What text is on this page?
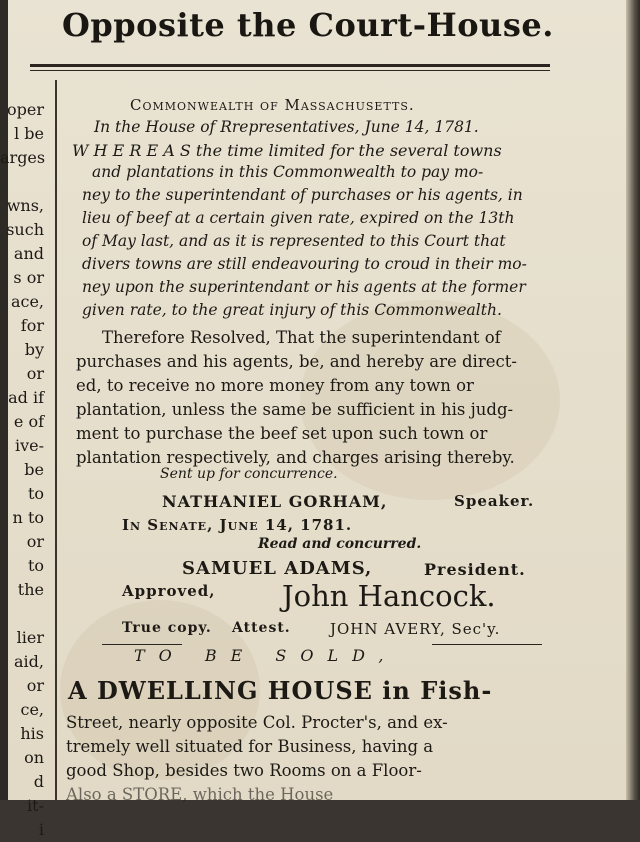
Opposite the Court-House.
oper
l be
arges
wns,
such
and
s or
ace,
for
by
or
ad if
e of
ive-
be
to
n to
or
to
the
lier
aid,
or
ce,
his
on
d
it-
i
Commonwealth of Massachusetts.
In the House of Rrepresentatives, June 14, 1781.
W H E R E A S the time limited for the several towns
and plantations in this Commonwealth to pay mo-
ney to the superintendant of purchases or his agents, in
lieu of beef at a certain given rate, expired on the 13th
of May last, and as it is represented to this Court that
divers towns are still endeavouring to croud in their mo-
ney upon the superintendant or his agents at the former
given rate, to the great injury of this Commonwealth.
Therefore Resolved, That the superintendant of
purchases and his agents, be, and hereby are direct-
ed, to receive no more money from any town or
plantation, unless the same be sufficient in his judg-
ment to purchase the beef set upon such town or
plantation respectively, and charges arising thereby.
Sent up for concurrence.
NATHANIEL GORHAM,	Speaker.
In Senate, June 14, 1781.
Read and concurred.
SAMUEL ADAMS,	President.
Approved, John Hancock.
True copy. Attest.	JOHN AVERY, Sec'y.
TO BE SOLD,
A DWELLING HOUSE in Fish-
Street, nearly opposite Col. Procter's, and ex-
tremely well situated for Business, having a
good Shop, besides two Rooms on a Floor-
Also a STORE, which the House
